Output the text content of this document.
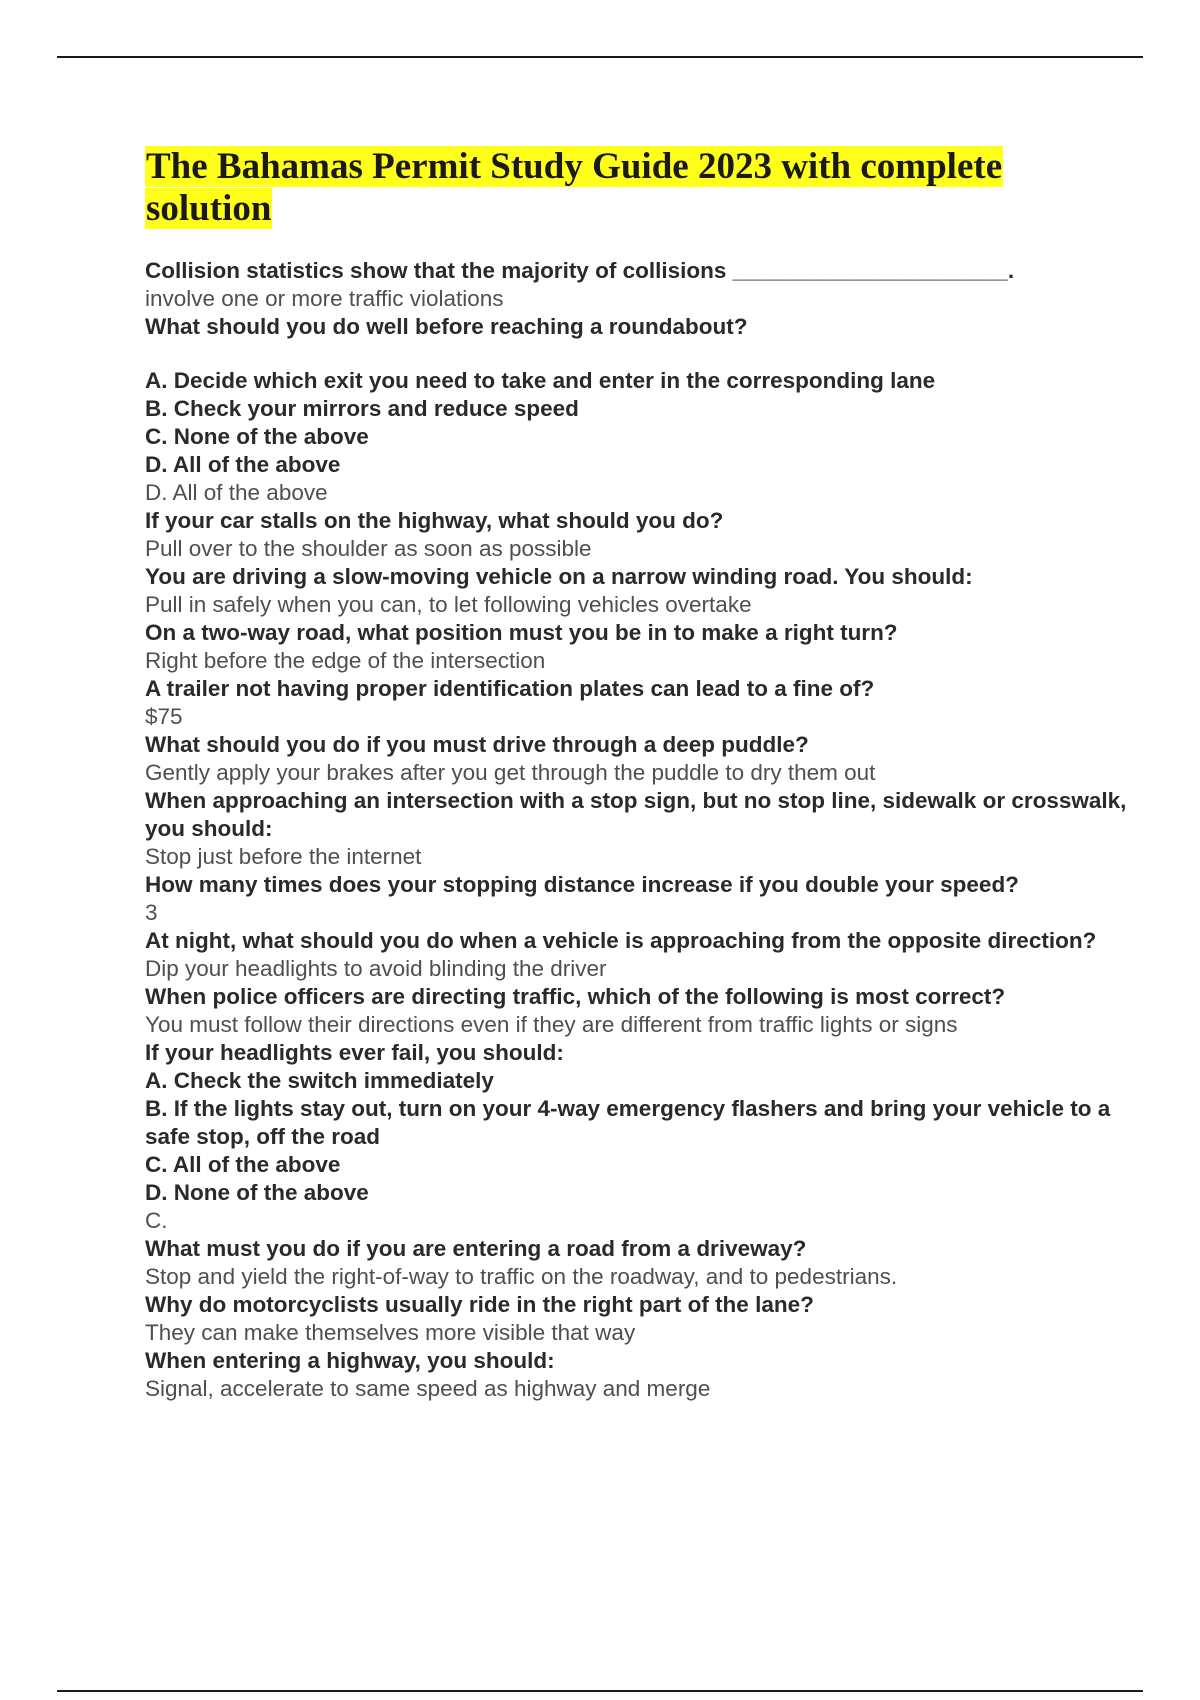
The Bahamas Permit Study Guide 2023 with complete solution
Collision statistics show that the majority of collisions ______________________.
involve one or more traffic violations
What should you do well before reaching a roundabout?
A. Decide which exit you need to take and enter in the corresponding lane
B. Check your mirrors and reduce speed
C. None of the above
D. All of the above
D. All of the above
If your car stalls on the highway, what should you do?
Pull over to the shoulder as soon as possible
You are driving a slow-moving vehicle on a narrow winding road. You should:
Pull in safely when you can, to let following vehicles overtake
On a two-way road, what position must you be in to make a right turn?
Right before the edge of the intersection
A trailer not having proper identification plates can lead to a fine of?
$75
What should you do if you must drive through a deep puddle?
Gently apply your brakes after you get through the puddle to dry them out
When approaching an intersection with a stop sign, but no stop line, sidewalk or crosswalk, you should:
Stop just before the internet
How many times does your stopping distance increase if you double your speed?
3
At night, what should you do when a vehicle is approaching from the opposite direction?
Dip your headlights to avoid blinding the driver
When police officers are directing traffic, which of the following is most correct?
You must follow their directions even if they are different from traffic lights or signs
If your headlights ever fail, you should:
A. Check the switch immediately
B. If the lights stay out, turn on your 4-way emergency flashers and bring your vehicle to a safe stop, off the road
C. All of the above
D. None of the above
C.
What must you do if you are entering a road from a driveway?
Stop and yield the right-of-way to traffic on the roadway, and to pedestrians.
Why do motorcyclists usually ride in the right part of the lane?
They can make themselves more visible that way
When entering a highway, you should:
Signal, accelerate to same speed as highway and merge
